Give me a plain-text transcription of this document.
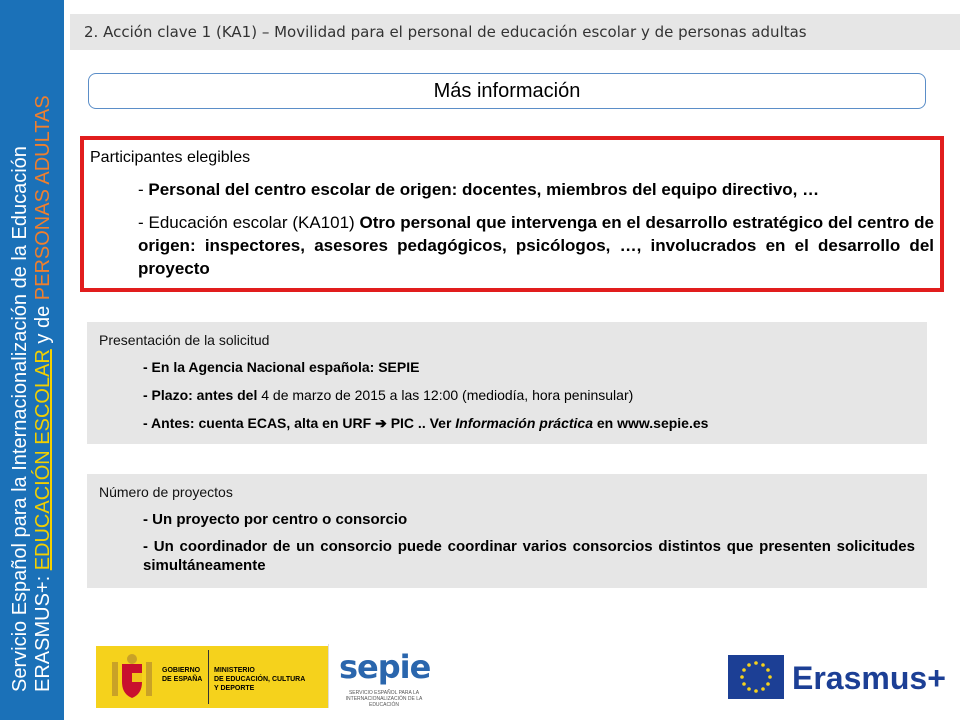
Servicio Español para la Internacionalización de la Educación ERASMUS+: EDUCACIÓN ESCOLAR y de PERSONAS ADULTAS
2. Acción clave 1 (KA1) – Movilidad para el personal de educación escolar y de personas adultas
Más información
Participantes elegibles
- Personal del centro escolar de origen: docentes, miembros del equipo directivo, …
- Educación escolar (KA101) Otro personal que intervenga en el desarrollo estratégico del centro de origen: inspectores, asesores pedagógicos, psicólogos, …, involucrados en el desarrollo del proyecto
Presentación de la solicitud
- En la Agencia Nacional española: SEPIE
- Plazo: antes del 4 de marzo de 2015 a las 12:00 (mediodía, hora peninsular)
- Antes: cuenta ECAS, alta en URF ➔ PIC .. Ver Información práctica en www.sepie.es
Número de proyectos
- Un proyecto por centro o consorcio
- Un coordinador de un consorcio puede coordinar varios consorcios distintos que presenten solicitudes simultáneamente
GOBIERNO
DE ESPAÑA
MINISTERIO
DE EDUCACIÓN, CULTURA
Y DEPORTE
sepie
SERVICIO ESPAÑOL PARA LA INTERNACIONALIZACIÓN DE LA EDUCACIÓN
Erasmus+
